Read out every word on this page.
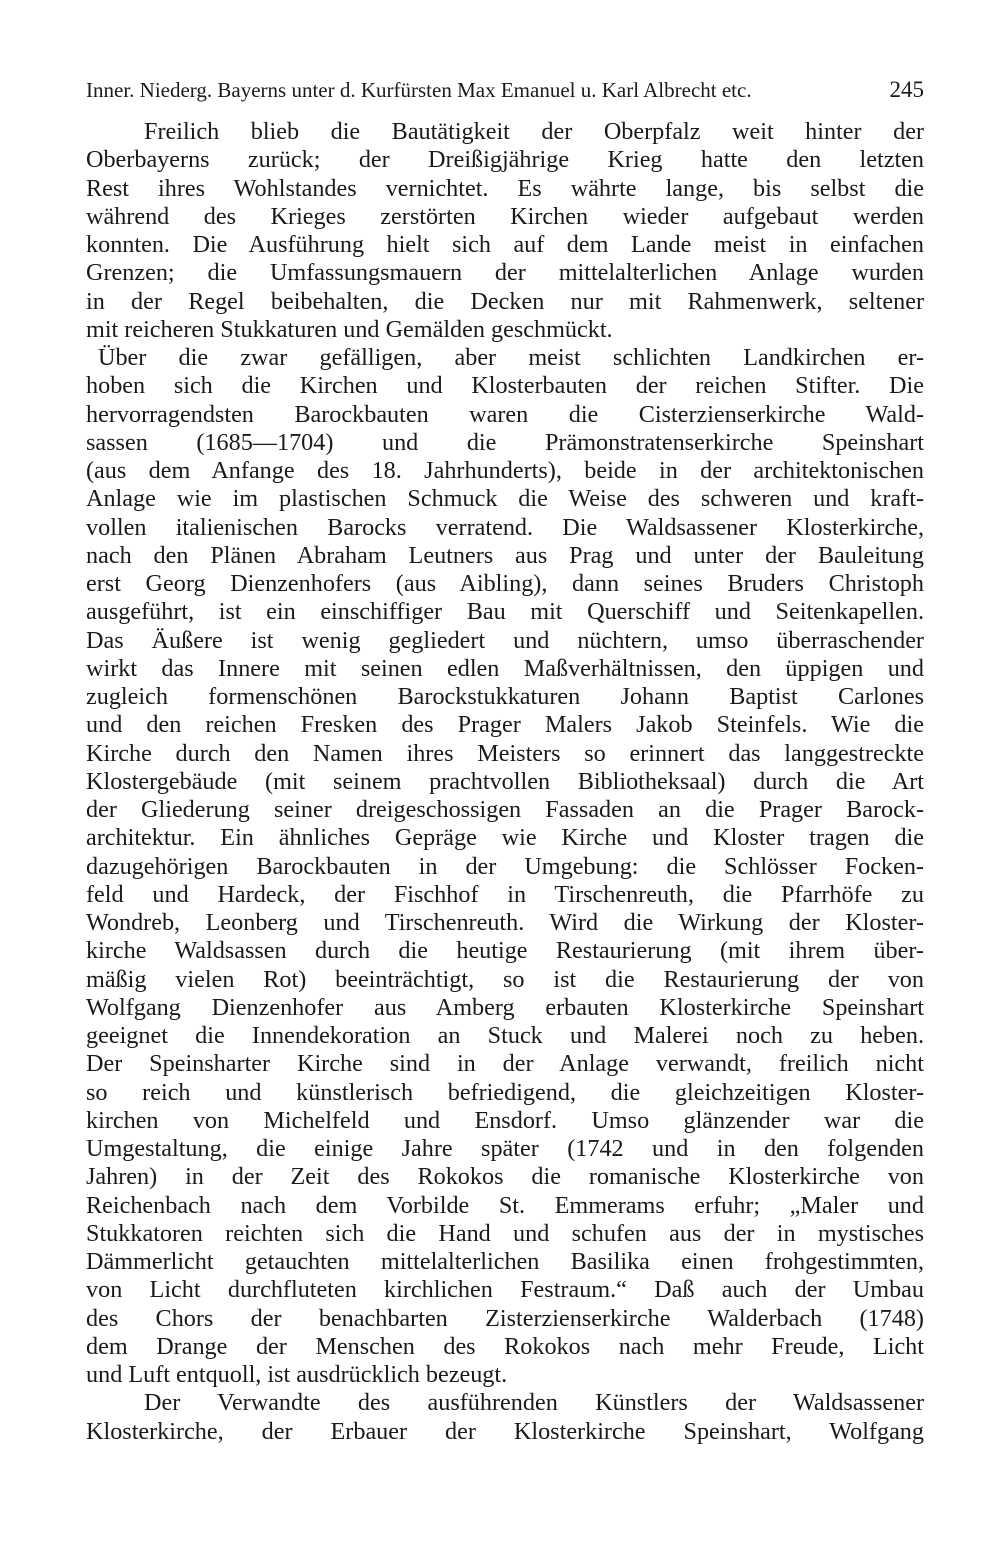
Inner. Niederg. Bayerns unter d. Kurfürsten Max Emanuel u. Karl Albrecht etc.	245
Freilich blieb die Bautätigkeit der Oberpfalz weit hinter der
Oberbayerns zurück; der Dreißigjährige Krieg hatte den letzten
Rest ihres Wohlstandes vernichtet. Es währte lange, bis selbst die
während des Krieges zerstörten Kirchen wieder aufgebaut werden
konnten. Die Ausführung hielt sich auf dem Lande meist in einfachen
Grenzen; die Umfassungsmauern der mittelalterlichen Anlage wurden
in der Regel beibehalten, die Decken nur mit Rahmenwerk, seltener
mit reicheren Stukkaturen und Gemälden geschmückt.
Über die zwar gefälligen, aber meist schlichten Landkirchen er-
hoben sich die Kirchen und Klosterbauten der reichen Stifter. Die
hervorragendsten Barockbauten waren die Cisterzienserkirche Wald-
sassen (1685—1704) und die Prämonstratenserkirche Speinshart
(aus dem Anfange des 18. Jahrhunderts), beide in der architektonischen
Anlage wie im plastischen Schmuck die Weise des schweren und kraft-
vollen italienischen Barocks verratend. Die Waldsassener Klosterkirche,
nach den Plänen Abraham Leutners aus Prag und unter der Bauleitung
erst Georg Dienzenhofers (aus Aibling), dann seines Bruders Christoph
ausgeführt, ist ein einschiffiger Bau mit Querschiff und Seitenkapellen.
Das Äußere ist wenig gegliedert und nüchtern, umso überraschender
wirkt das Innere mit seinen edlen Maßverhältnissen, den üppigen und
zugleich formenschönen Barockstukkaturen Johann Baptist Carlones
und den reichen Fresken des Prager Malers Jakob Steinfels. Wie die
Kirche durch den Namen ihres Meisters so erinnert das langgestreckte
Klostergebäude (mit seinem prachtvollen Bibliotheksaal) durch die Art
der Gliederung seiner dreigeschossigen Fassaden an die Prager Barock-
architektur. Ein ähnliches Gepräge wie Kirche und Kloster tragen die
dazugehörigen Barockbauten in der Umgebung: die Schlösser Focken-
feld und Hardeck, der Fischhof in Tirschenreuth, die Pfarrhöfe zu
Wondreb, Leonberg und Tirschenreuth. Wird die Wirkung der Kloster-
kirche Waldsassen durch die heutige Restaurierung (mit ihrem über-
mäßig vielen Rot) beeinträchtigt, so ist die Restaurierung der von
Wolfgang Dienzenhofer aus Amberg erbauten Klosterkirche Speinshart
geeignet die Innendekoration an Stuck und Malerei noch zu heben.
Der Speinsharter Kirche sind in der Anlage verwandt, freilich nicht
so reich und künstlerisch befriedigend, die gleichzeitigen Kloster-
kirchen von Michelfeld und Ensdorf. Umso glänzender war die
Umgestaltung, die einige Jahre später (1742 und in den folgenden
Jahren) in der Zeit des Rokokos die romanische Klosterkirche von
Reichenbach nach dem Vorbilde St. Emmerams erfuhr; „Maler und
Stukkatoren reichten sich die Hand und schufen aus der in mystisches
Dämmerlicht getauchten mittelalterlichen Basilika einen frohgestimmten,
von Licht durchfluteten kirchlichen Festraum.“ Daß auch der Umbau
des Chors der benachbarten Zisterzienserkirche Walderbach (1748)
dem Drange der Menschen des Rokokos nach mehr Freude, Licht
und Luft entquoll, ist ausdrücklich bezeugt.
Der Verwandte des ausführenden Künstlers der Waldsassener
Klosterkirche, der Erbauer der Klosterkirche Speinshart, Wolfgang
